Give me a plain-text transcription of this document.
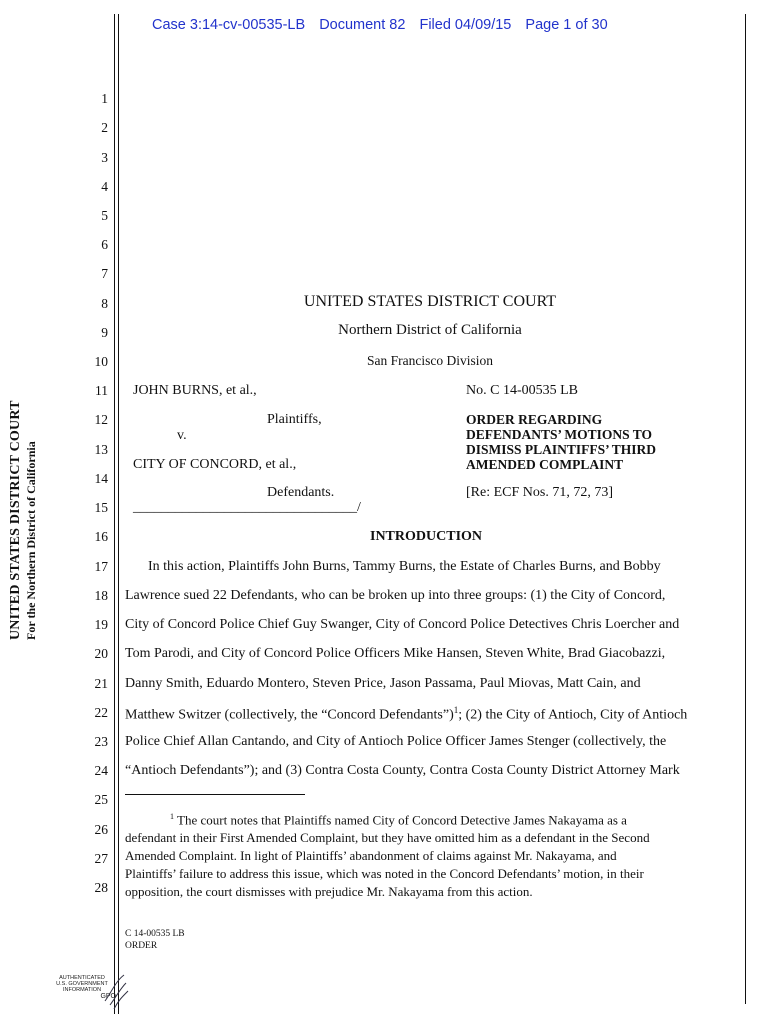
Case 3:14-cv-00535-LB Document 82 Filed 04/09/15 Page 1 of 30
UNITED STATES DISTRICT COURT For the Northern District of California
1
2
3
4
5
6
7
8
9
10
11
12
13
14
15
16
17
18
19
20
21
22
23
24
25
26
27
28
UNITED STATES DISTRICT COURT
Northern District of California
San Francisco Division
JOHN BURNS, et al.,
Plaintiffs,
v.
CITY OF CONCORD, et al.,
Defendants.
________________________________/
No. C 14-00535 LB
ORDER REGARDING
DEFENDANTS’ MOTIONS TO
DISMISS PLAINTIFFS’ THIRD
AMENDED COMPLAINT
[Re: ECF Nos. 71, 72, 73]
INTRODUCTION
In this action, Plaintiffs John Burns, Tammy Burns, the Estate of Charles Burns, and Bobby
Lawrence sued 22 Defendants, who can be broken up into three groups: (1) the City of Concord,
City of Concord Police Chief Guy Swanger, City of Concord Police Detectives Chris Loercher and
Tom Parodi, and City of Concord Police Officers Mike Hansen, Steven White, Brad Giacobazzi,
Danny Smith, Eduardo Montero, Steven Price, Jason Passama, Paul Miovas, Matt Cain, and
Matthew Switzer (collectively, the “Concord Defendants”)$^1$; (2) the City of Antioch, City of Antioch
Police Chief Allan Cantando, and City of Antioch Police Officer James Stenger (collectively, the
“Antioch Defendants”); and (3) Contra Costa County, Contra Costa County District Attorney Mark
$^1$ The court notes that Plaintiffs named City of Concord Detective James Nakayama as a
defendant in their First Amended Complaint, but they have omitted him as a defendant in the Second
Amended Complaint. In light of Plaintiffs’ abandonment of claims against Mr. Nakayama, and
Plaintiffs’ failure to address this issue, which was noted in the Concord Defendants’ motion, in their
opposition, the court dismisses with prejudice Mr. Nakayama from this action.
C 14-00535 LB
ORDER
AUTHENTICATED
U.S. GOVERNMENT
INFORMATION
GPO
